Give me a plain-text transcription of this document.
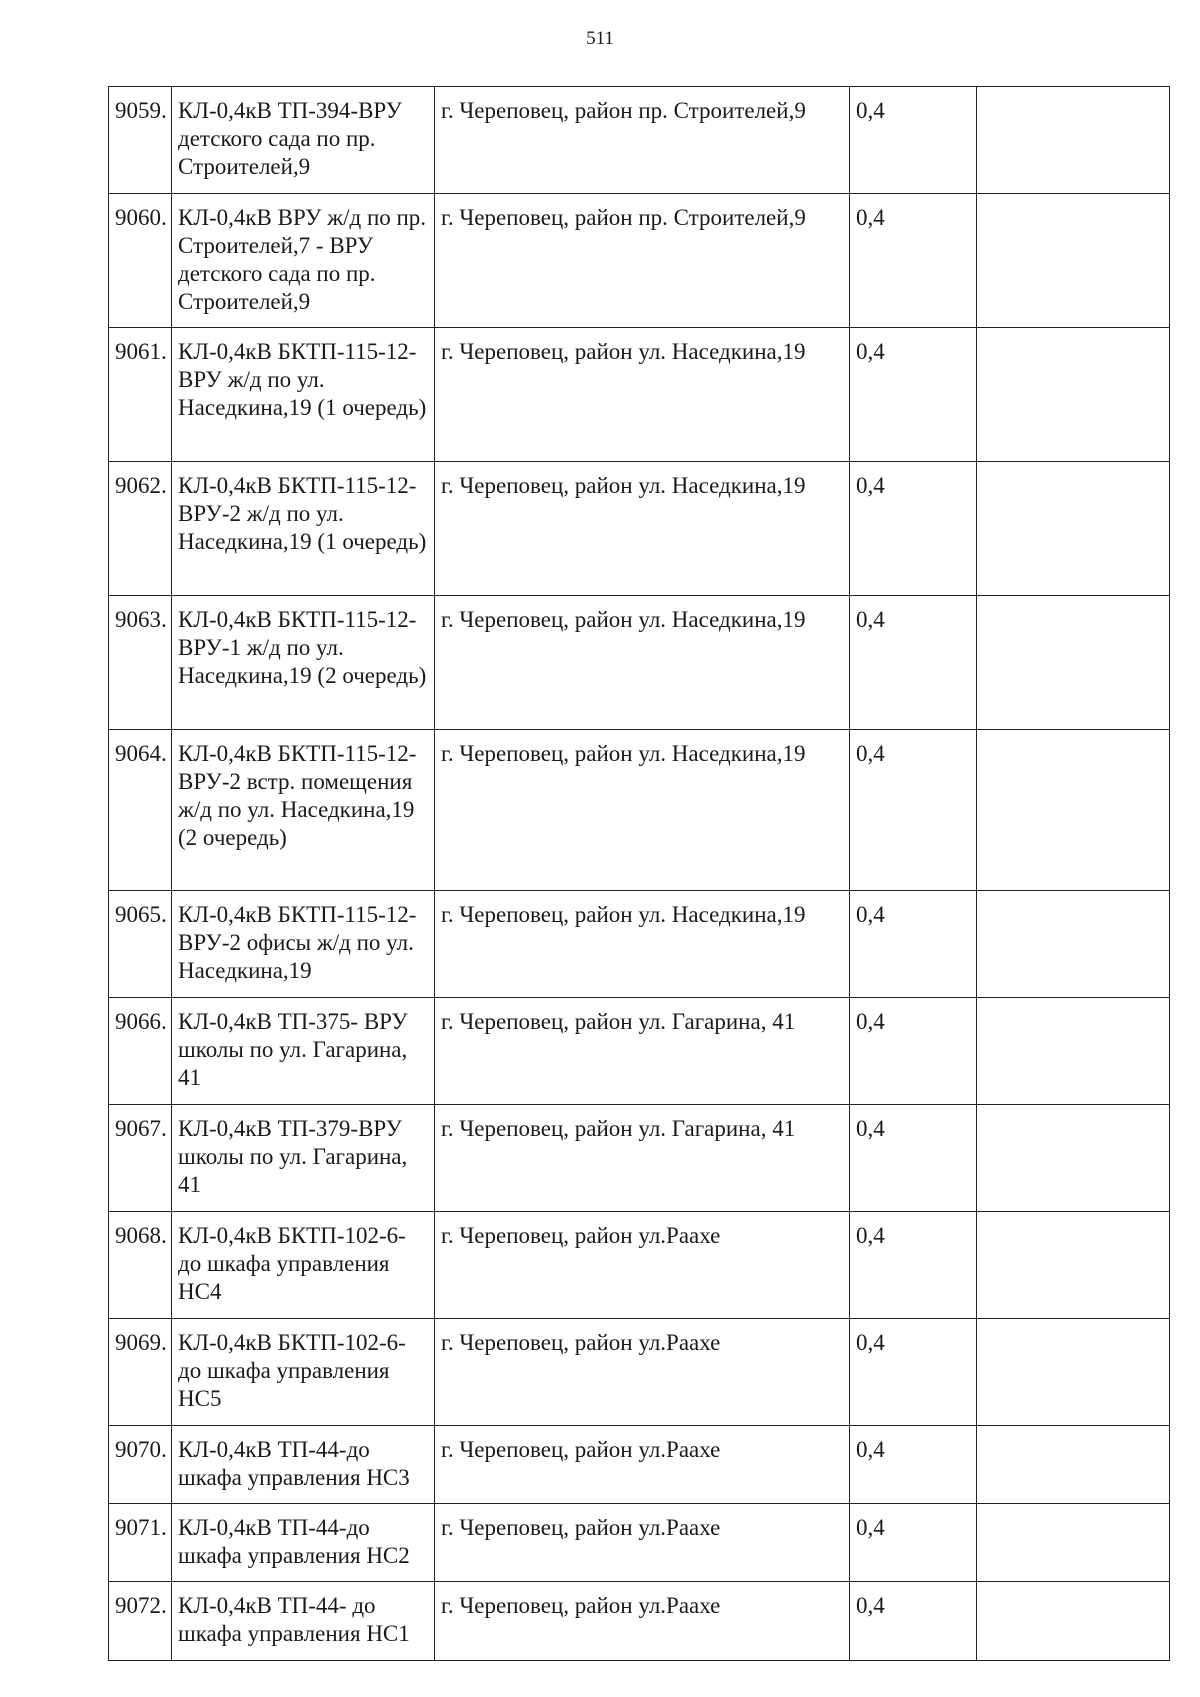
511
9059.	КЛ-0,4кВ ТП-394-ВРУ детского сада по пр. Строителей,9	г. Череповец, район пр. Строителей,9	0,4	
9060.	КЛ-0,4кВ ВРУ ж/д по пр. Строителей,7 - ВРУ детского сада по пр. Строителей,9	г. Череповец, район пр. Строителей,9	0,4	
9061.	КЛ-0,4кВ БКТП-115-12-ВРУ ж/д по ул. Наседкина,19 (1 очередь)	г. Череповец, район ул. Наседкина,19	0,4	
9062.	КЛ-0,4кВ БКТП-115-12-ВРУ-2 ж/д по ул. Наседкина,19 (1 очередь)	г. Череповец, район ул. Наседкина,19	0,4	
9063.	КЛ-0,4кВ БКТП-115-12-ВРУ-1 ж/д по ул. Наседкина,19 (2 очередь)	г. Череповец, район ул. Наседкина,19	0,4	
9064.	КЛ-0,4кВ БКТП-115-12-ВРУ-2 встр. помещения ж/д по ул. Наседкина,19 (2 очередь)	г. Череповец, район ул. Наседкина,19	0,4	
9065.	КЛ-0,4кВ БКТП-115-12-ВРУ-2 офисы ж/д по ул. Наседкина,19	г. Череповец, район ул. Наседкина,19	0,4	
9066.	КЛ-0,4кВ ТП-375- ВРУ школы по ул. Гагарина, 41	г. Череповец, район ул. Гагарина, 41	0,4	
9067.	КЛ-0,4кВ ТП-379-ВРУ школы по ул. Гагарина, 41	г. Череповец, район ул. Гагарина, 41	0,4	
9068.	КЛ-0,4кВ БКТП-102-6-до шкафа управления НС4	г. Череповец, район ул.Раахе	0,4	
9069.	КЛ-0,4кВ БКТП-102-6-до шкафа управления НС5	г. Череповец, район ул.Раахе	0,4	
9070.	КЛ-0,4кВ ТП-44-до шкафа управления НС3	г. Череповец, район ул.Раахе	0,4	
9071.	КЛ-0,4кВ ТП-44-до шкафа управления НС2	г. Череповец, район ул.Раахе	0,4	
9072.	КЛ-0,4кВ ТП-44- до шкафа управления НС1	г. Череповец, район ул.Раахе	0,4	
